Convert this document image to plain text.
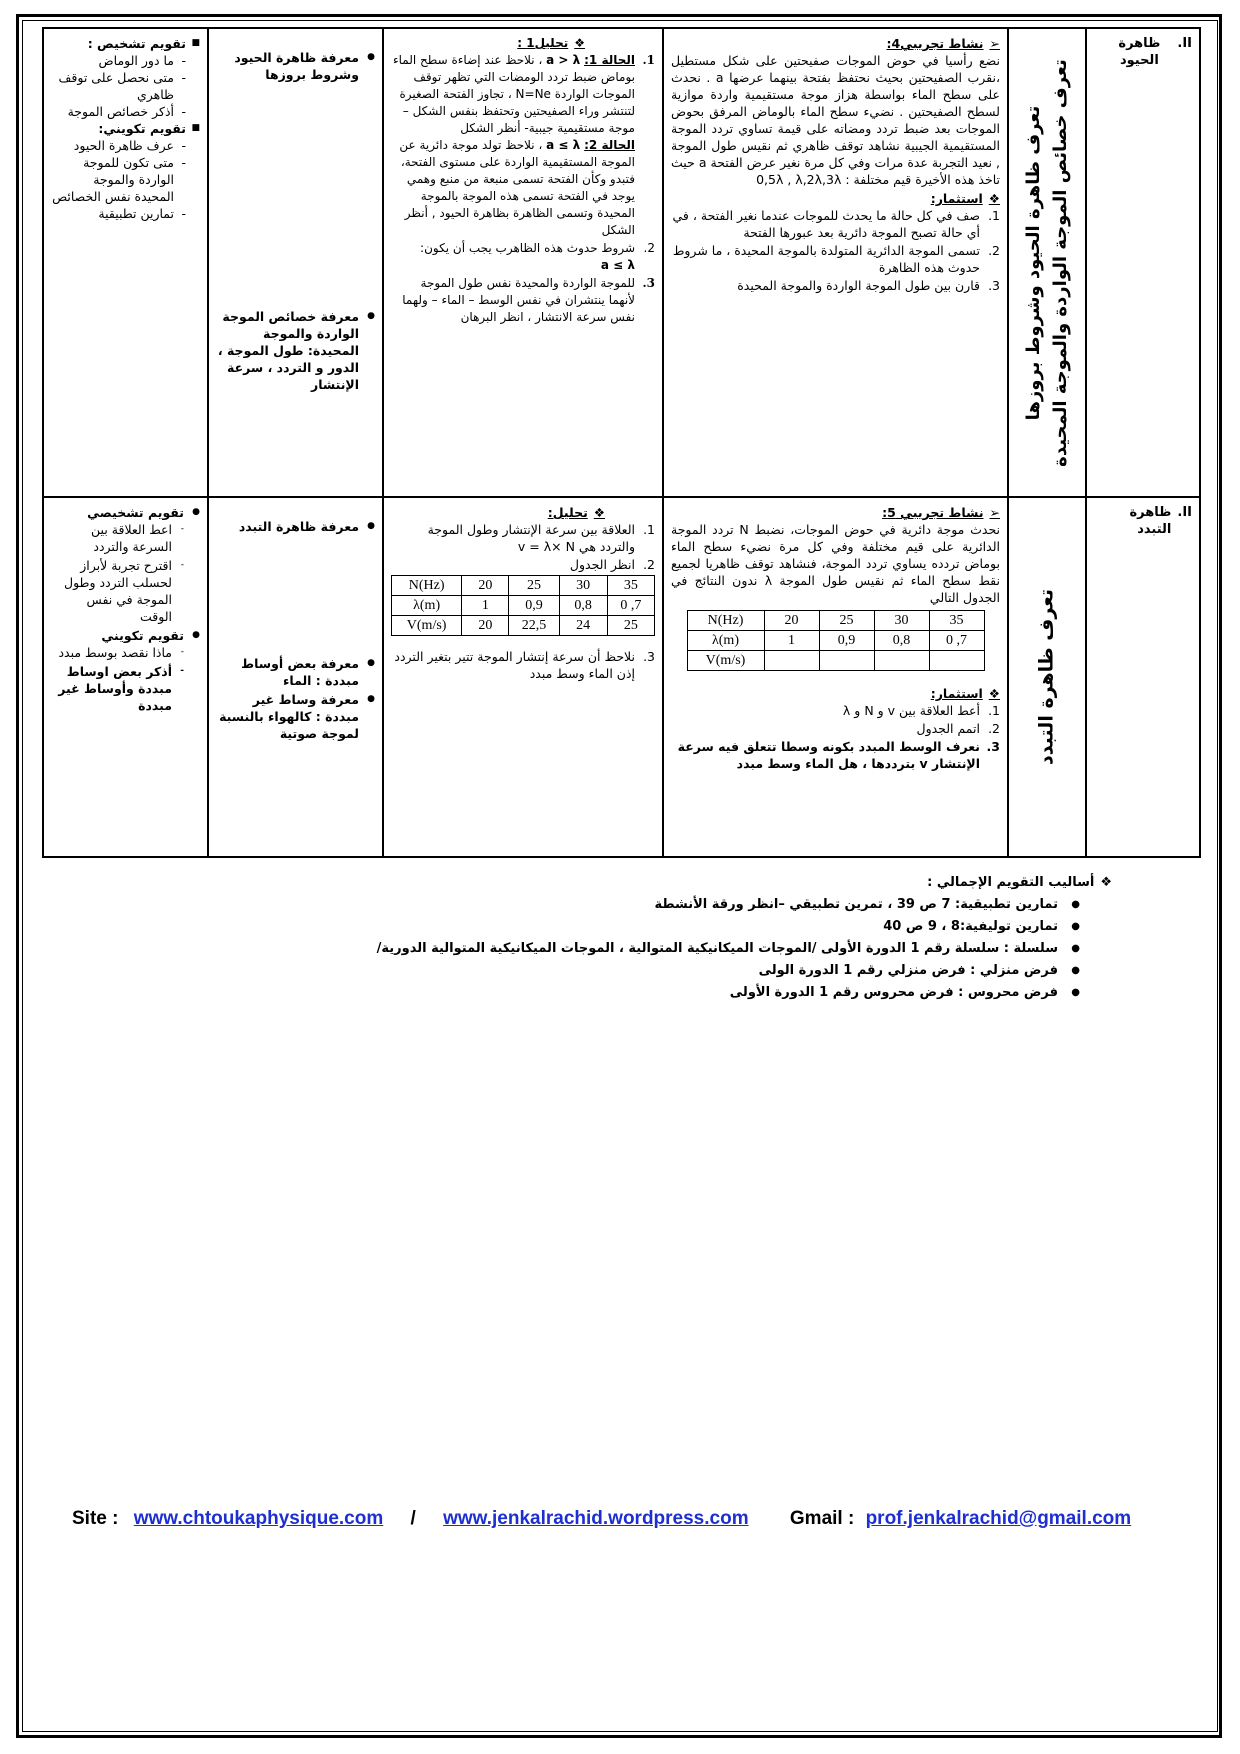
II.
ظاهرة الحيود

تعرف ظاهرة الحيود وشروط بروزها تعرف خصائص الموجة الواردة والموجة المحيدة

➢ نشاط تجريبي4:
نضع رأسيا في حوض الموجات صفيحتين على شكل مستطيل ،نقرب الصفيحتين بحيث نحتفظ بفتحة بينهما عرضها a . نحدث على سطح الماء بواسطة هزاز موجة مستقيمية واردة موازية لسطح الصفيحتين . نضيء سطح الماء بالوماض المرفق بحوض الموجات بعد ضبط تردد ومضاته على قيمة تساوي تردد الموجة المستقيمية الجيبية نشاهد توقف ظاهري ثم نقيس طول الموجة , نعيد التجربة عدة مرات وفي كل مرة نغير عرض الفتحة a حيث تاخذ هذه الأخيرة قيم مختلفة : 0,5λ , λ,2λ,3λ
❖ استثمار:
1.
صف في كل حالة ما يحدث للموجات عندما نغير الفتحة ، في أي حالة تصبح الموجة دائرية بعد عبورها الفتحة
2.
تسمى الموجة الدائرية المتولدة بالموجة المحيدة ، ما شروط حدوث هذه الظاهرة
3.
قارن بين طول الموجة الواردة والموجة المحيدة

❖ تحليل1 :
1.
الحالة 1: a > λ ، نلاحظ عند إضاءة سطح الماء بوماض ضبط تردد الومضات التي تظهر توقف الموجات الواردة N=Ne ، تجاوز الفتحة الصغيرة لتنتشر وراء الصفيحتين وتحتفظ بنفس الشكل –موجة مستقيمية جيبية- أنظر الشكل
الحالة 2: a ≤ λ ، نلاحظ تولد موجة دائرية عن الموجة المستقيمية الواردة على مستوى الفتحة، فتبدو وكأن الفتحة تسمى منبعة من منبع وهمي يوجد في الفتحة تسمى هذه الموجة بالموجة المحيدة وتسمى الظاهرة بظاهرة الحيود , أنظر الشكل
2.
شروط حدوث هذه الظاهرب يجب أن يكون:
a ≤ λ
3.
للموجة الواردة والمحيدة نفس طول الموجة لأنهما ينتشران في نفس الوسط – الماء – ولهما نفس سرعة الانتشار ، انظر البرهان

● معرفة ظاهرة الحيود وشروط بروزها
● معرفة خصائص الموجة الواردة والموجة المحيدة: طول الموجة ، الدور و التردد ، سرعة الإنتشار

■ تقويم تشخيص :
- ما دور الوماض
- متى نحصل على توقف ظاهري
- أذكر خصائص الموجة
■ تقويم تكويني:
- عرف ظاهرة الحيود
- متى تكون للموجة الواردة والموجة المحيدة نفس الخصائص
- تمارين تطبيقية

II.
ظاهرة التبدد

تعرف ظاهرة التبدد

➢ نشاط تجريبي 5:
نحدث موجة دائرية في حوض الموجات، نضبط N تردد الموجة الدائرية على قيم مختلفة وفي كل مرة نضيء سطح الماء بوماض تردده يساوي تردد الموجة، فنشاهد توقف ظاهريا لجميع نقط سطح الماء ثم نقيس طول الموجة λ ندون النتائج في الجدول التالي
N(Hz)	20	25	30	35
λ(m)	1	0,9	0,8	0 ,7
V(m/s)				
❖ استثمار:
1.
أعط العلاقة بين v و N و λ
2.
اتمم الجدول
3.
نعرف الوسط المبدد بكونه وسطا تتعلق فيه سرعة الإنتشار v بترددها ، هل الماء وسط مبدد

❖ تحليل:
1.
العلاقة بين سرعة الإنتشار وطول الموجة والتردد هي v = λ× N
2.
انظر الجدول
N(Hz)	20	25	30	35
λ(m)	1	0,9	0,8	0 ,7
V(m/s)	20	22,5	24	25
3.
نلاحظ أن سرعة إنتشار الموجة تتير بتغير التردد إذن الماء وسط مبدد

● معرفة ظاهرة التبدد
● معرفة بعض أوساط مبددة : الماء
● معرفة وساط غير مبددة : كالهواء بالنسبة لموجة صوتية

● تقويم تشخيصي
- اعط العلاقة بين السرعة والتردد
- اقترح تجربة لأبراز لحسلب التردد وطول الموجة في نفس الوقت
● تقويم تكويني
- ماذا نقصد بوسط مبدد
- أذكر بعض اوساط مبددة وأوساط غير مبددة
❖ أساليب التقويم الإجمالي :
● تمارين تطبيقية: 7 ص 39 ، تمرين تطبيقي –انظر ورقة الأنشطة
● تمارين توليفية:8 ، 9 ص 40
● سلسلة : سلسلة رقم 1 الدورة الأولى /الموجات الميكانيكية المتوالية ، الموجات الميكانيكية المتوالية الدورية/
● فرض منزلي : فرض منزلي رقم 1 الدورة الولى
● فرض محروس : فرض محروس رقم 1 الدورة الأولى
Site : www.chtoukaphysique.com / www.jenkalrachid.wordpress.com Gmail : prof.jenkalrachid@gmail.com
